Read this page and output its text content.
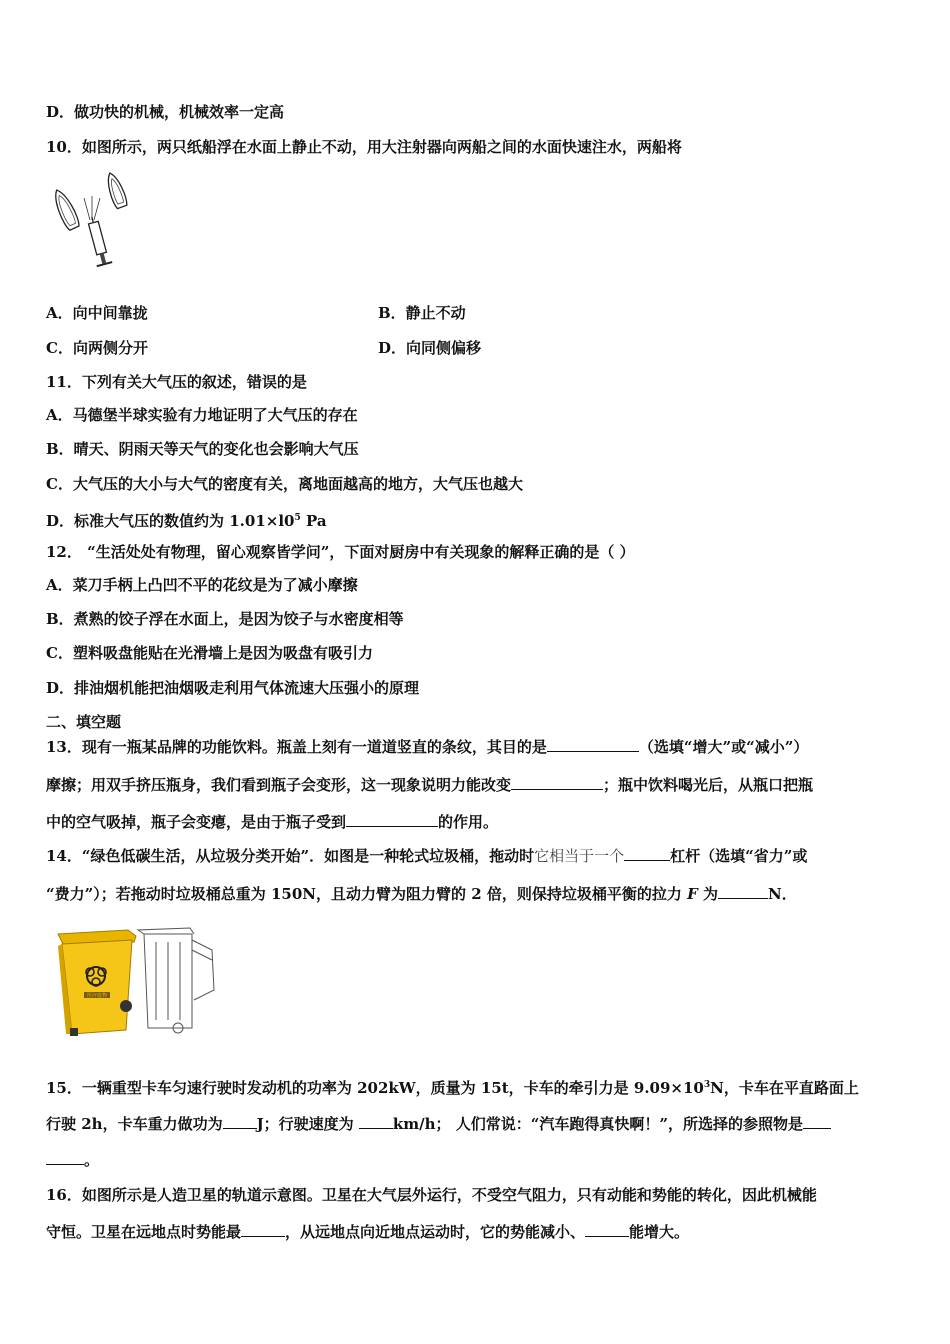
D．做功快的机械，机械效率一定高
10．如图所示，两只纸船浮在水面上静止不动，用大注射器向两船之间的水面快速注水，两船将
A．向中间靠拢	B．静止不动
C．向两侧分开	D．向同侧偏移
11．下列有关大气压的叙述，错误的是
A．马德堡半球实验有力地证明了大气压的存在
B．晴天、阴雨天等天气的变化也会影响大气压
C．大气压的大小与大气的密度有关，离地面越高的地方，大气压也越大
D．标准大气压的数值约为 $1.01\times l0^5$ Pa
12． “生活处处有物理，留心观察皆学问”，下面对厨房中有关现象的解释正确的是（ ）
A．菜刀手柄上凸凹不平的花纹是为了减小摩擦
B．煮熟的饺子浮在水面上，是因为饺子与水密度相等
C．塑料吸盘能贴在光滑墙上是因为吸盘有吸引力
D．排油烟机能把油烟吸走利用气体流速大压强小的原理
二、填空题
13．现有一瓶某品牌的功能饮料。瓶盖上刻有一道道竖直的条纹，其目的是	（选填“增大”或“减小”）
摩擦；用双手挤压瓶身，我们看到瓶子会变形，这一现象说明力能改变	；瓶中饮料喝光后，从瓶口把瓶
中的空气吸掉，瓶子会变瘪，是由于瓶子受到	的作用。
14．“绿色低碳生活，从垃圾分类开始”．如图是一种轮式垃圾桶，拖动时它相当于一个	杠杆（选填“省力”或
“费力”）；若拖动时垃圾桶总重为 150N，且动力臂为阻力臂的 2 倍，则保持垃圾桶平衡的拉力 F 为	N．
医疗废物
15．一辆重型卡车匀速行驶时发动机的功率为 202kW，质量为 15t，卡车的牵引力是 $9.09\times 10^3N$，卡车在平直路面上
行驶 2h，卡车重力做功为 J；行驶速度为 km/h； 人们常说：“汽车跑得真快啊！”，所选择的参照物是
。
16．如图所示是人造卫星的轨道示意图。卫星在大气层外运行，不受空气阻力，只有动能和势能的转化，因此机械能
守恒。卫星在远地点时势能最	，从远地点向近地点运动时，它的势能减小、	能增大。
